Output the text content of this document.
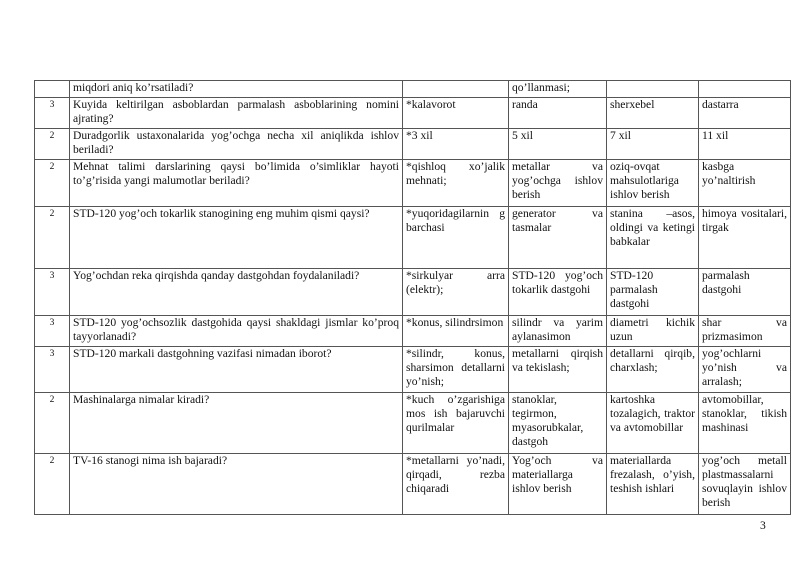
	miqdori aniq ko’rsatiladi?		qo’llanmasi;		
3	Kuyida keltirilgan asboblardan parmalash asboblarining nomini ajrating?	*kalavorot	randa	sherxebel	dastarra
2	Duradgorlik ustaxonalarida yog’ochga necha xil aniqlikda ishlov beriladi?	*3 xil	5 xil	7 xil	11 xil
2	Mehnat talimi darslarining qaysi bo’limida o’simliklar hayoti to’g’risida yangi malumotlar beriladi?	*qishloq xo’jalik mehnati;	metallar va yog’ochga ishlov berish	oziq-ovqat mahsulotlariga ishlov berish	kasbga yo’naltirish
2	STD-120 yog’och tokarlik stanogining eng muhim qismi qaysi?	*yuqoridagilarnin g barchasi	generator va tasmalar	stanina –asos, oldingi va ketingi babkalar	himoya vositalari, tirgak
3	Yog’ochdan reka qirqishda qanday dastgohdan foydalaniladi?	*sirkulyar arra (elektr);	STD-120 yog’och tokarlik dastgohi	STD-120 parmalash dastgohi	parmalash dastgohi
3	STD-120 yog’ochsozlik dastgohida qaysi shakldagi jismlar ko’proq tayyorlanadi?	*konus, silindrsimon	silindr va yarim aylanasimon	diametri kichik uzun	shar va prizmasimon
3	STD-120 markali dastgohning vazifasi nimadan iborot?	*silindr, konus, sharsimon detallarni yo’nish;	metallarni qirqish va tekislash;	detallarni qirqib, charxlash;	yog’ochlarni yo’nish va arralash;
2	Mashinalarga nimalar kiradi?	*kuch o’zgarishiga mos ish bajaruvchi qurilmalar	stanoklar, tegirmon, myasorubkalar, dastgoh	kartoshka tozalagich, traktor va avtomobillar	avtomobillar, stanoklar, tikish mashinasi
2	TV-16 stanogi nima ish bajaradi?	*metallarni yo’nadi, qirqadi, rezba chiqaradi	Yog’och va materiallarga ishlov berish	materiallarda frezalash, o’yish, teshish ishlari	yog’och metall plastmassalarni sovuqlayin ishlov berish
3
